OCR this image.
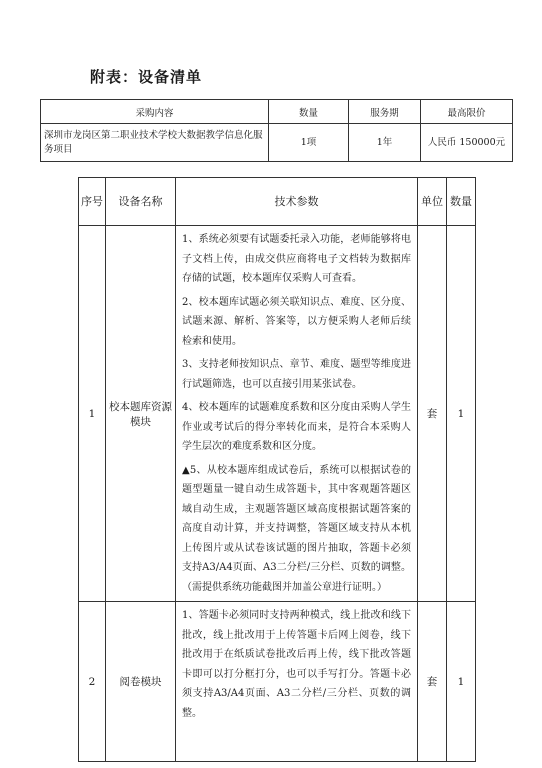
附表：设备清单
采购内容	数量	服务期	最高限价
深圳市龙岗区第二职业技术学校大数据教学信息化服务项目	1项	1年	人民币 150000元
序号	设备名称	技术参数	单位	数量
1	校本题库资源模块	1、系统必须要有试题委托录入功能，老师能够将电子文档上传，由成交供应商将电子文档转为数据库存储的试题，校本题库仅采购人可查看。

2、校本题库试题必须关联知识点、难度、区分度、试题来源、解析、答案等，以方便采购人老师后续检索和使用。

3、支持老师按知识点、章节、难度、题型等维度进行试题筛选，也可以直接引用某张试卷。

4、校本题库的试题难度系数和区分度由采购人学生作业或考试后的得分率转化而来，是符合本采购人学生层次的难度系数和区分度。

▲5、从校本题库组成试卷后，系统可以根据试卷的题型题量一键自动生成答题卡，其中客观题答题区域自动生成，主观题答题区域高度根据试题答案的高度自动计算，并支持调整，答题区域支持从本机上传图片或从试卷该试题的图片抽取，答题卡必须支持A3/A4页面、A3二分栏/三分栏、页数的调整。（需提供系统功能截图并加盖公章进行证明。）	套	1
2	阅卷模块	1、答题卡必须同时支持两种模式，线上批改和线下批改，线上批改用于上传答题卡后网上阅卷，线下批改用于在纸质试卷批改后再上传，线下批改答题卡即可以打分框打分，也可以手写打分。答题卡必须支持A3/A4页面、A3二分栏/三分栏、页数的调整。	套	1
